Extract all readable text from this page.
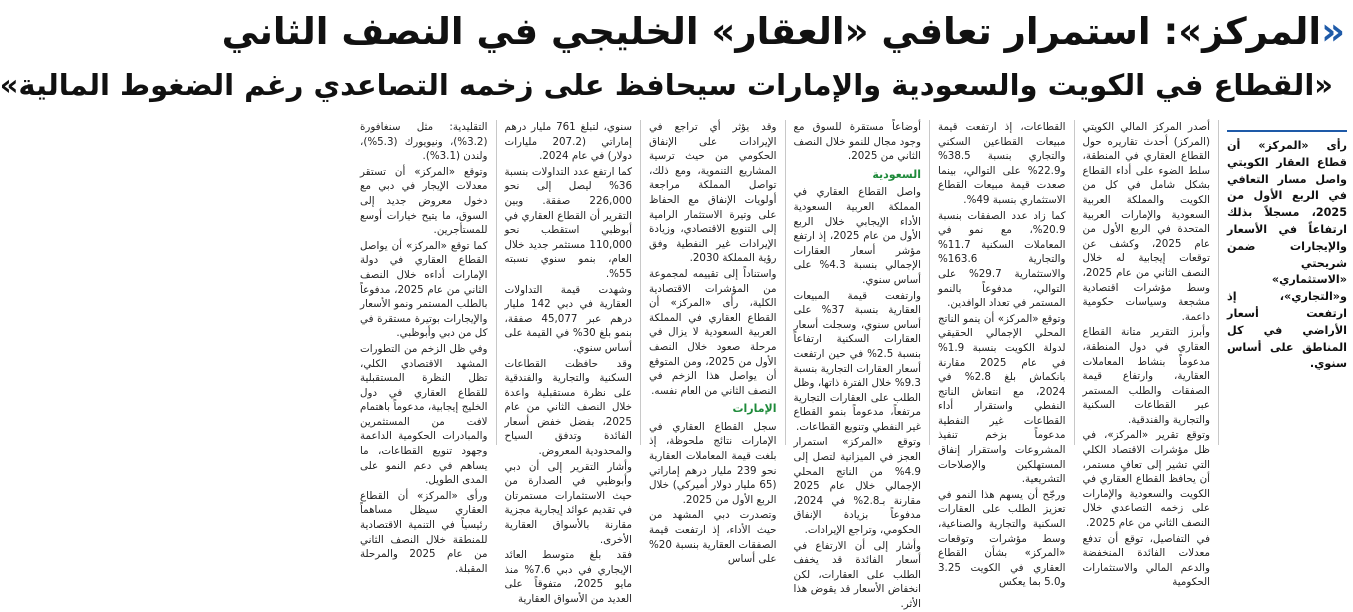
«المركز»: استمرار تعافي «العقار» الخليجي في النصف الثاني
«القطاع في الكويت والسعودية والإمارات سيحافظ على زخمه التصاعدي رغم الضغوط المالية»
رأى «المركز» أن قطاع العقار الكويتي واصل مسار التعافي في الربع الأول من 2025، مسجلاً بذلك ارتفاعاً في الأسعار والإيجارات ضمن شريحتي «الاستثماري» و«التجاري»، إذ ارتفعت أسعار الأراضي في كل المناطق على أساس سنوي.

أصدر المركز المالي الكويتي (المركز) أحدث تقاريره حول القطاع العقاري في المنطقة، سلط الضوء على أداء القطاع بشكل شامل في كل من الكويت والمملكة العربية السعودية والإمارات العربية المتحدة في الربع الأول من عام 2025، وكشف عن توقعات إيجابية له خلال النصف الثاني من عام 2025، وسط مؤشرات اقتصادية مشجعة وسياسات حكومية داعمة.

وأبرز التقرير متانة القطاع العقاري في دول المنطقة، مدعوماً بنشاط المعاملات العقارية، وارتفاع قيمة الصفقات والطلب المستمر عبر القطاعات السكنية والتجارية والفندقية.

وتوقع تقرير «المركز»، في ظل مؤشرات الاقتصاد الكلي التي تشير إلى تعافٍ مستمر، أن يحافظ القطاع العقاري في الكويت والسعودية والإمارات على زخمه التصاعدي خلال النصف الثاني من عام 2025.

في التفاصيل، توقع أن تدفع معدلات الفائدة المنخفضة والدعم المالي والاستثمارات الحكومية

القطاعات، إذ ارتفعت قيمة مبيعات القطاعين السكني والتجاري بنسبة 38.5% و22.9% على التوالي، بينما صعدت قيمة مبيعات القطاع الاستثماري بنسبة 49%.

كما زاد عدد الصفقات بنسبة 20.9%، مع نمو في المعاملات السكنية 11.7% والتجارية 163.6% والاستثمارية 29.7% على التوالي، مدفوعاً بالنمو المستمر في تعداد الوافدين.

وتوقع «المركز» أن ينمو الناتج المحلي الإجمالي الحقيقي لدولة الكويت بنسبة 1.9% في عام 2025 مقارنة بانكماش بلغ 2.8% في 2024، مع انتعاش الناتج النفطي واستقرار أداء القطاعات غير النفطية مدعوماً بزخم تنفيذ المشروعات واستقرار إنفاق المستهلكين والإصلاحات التشريعية.

ورجّح أن يسهم هذا النمو في تعزيز الطلب على العقارات السكنية والتجارية والصناعية، وسط مؤشرات وتوقعات «المركز» بشأن القطاع العقاري في الكويت 3.25 و5.0 بما يعكس

أوضاعاً مستقرة للسوق مع وجود مجال للنمو خلال النصف الثاني من 2025.

السعودية

واصل القطاع العقاري في المملكة العربية السعودية الأداء الإيجابي خلال الربع الأول من عام 2025، إذ ارتفع مؤشر أسعار العقارات الإجمالي بنسبة 4.3% على أساس سنوي.

وارتفعت قيمة المبيعات العقارية بنسبة 37% على أساس سنوي، وسجلت أسعار العقارات السكنية ارتفاعاً بنسبة 2.5% في حين ارتفعت أسعار العقارات التجارية بنسبة 9.3% خلال الفترة ذاتها، وظل الطلب على العقارات التجارية مرتفعاً، مدعوماً بنمو القطاع غير النفطي وتنويع القطاعات.

وتوقع «المركز» استمرار العجز في الميزانية لتصل إلى 4.9% من الناتج المحلي الإجمالي خلال عام 2025 مقارنة بـ2.8% في 2024، مدفوعاً بزيادة الإنفاق الحكومي، وتراجع الإيرادات.

وأشار إلى أن الارتفاع في أسعار الفائدة قد يخفف الطلب على العقارات، لكن انخفاض الأسعار قد يقوض هذا الأثر.

وقد يؤثر أي تراجع في الإيرادات على الإنفاق الحكومي من حيث ترسية المشاريع التنموية، ومع ذلك، تواصل المملكة مراجعة أولويات الإنفاق مع الحفاظ على وتيرة الاستثمار الرامية إلى التنويع الاقتصادي، وزيادة الإيرادات غير النفطية وفق رؤية المملكة 2030.

واستناداً إلى تقييمه لمجموعة من المؤشرات الاقتصادية الكلية، رأى «المركز» أن القطاع العقاري في المملكة العربية السعودية لا يزال في مرحلة صعود خلال النصف الأول من 2025، ومن المتوقع أن يواصل هذا الزخم في النصف الثاني من العام نفسه.

الإمارات

سجل القطاع العقاري في الإمارات نتائج ملحوظة، إذ بلغت قيمة المعاملات العقارية نحو 239 مليار درهم إماراتي (65 مليار دولار أميركي) خلال الربع الأول من 2025.

وتصدرت دبي المشهد من حيث الأداء، إذ ارتفعت قيمة الصفقات العقارية بنسبة 20% على أساس

سنوي، لتبلغ 761 مليار درهم إماراتي (207.2 مليارات دولار) في عام 2024.

كما ارتفع عدد التداولات بنسبة 36% ليصل إلى نحو 226,000 صفقة. وبين التقرير أن القطاع العقاري في أبوظبي استقطب نحو 110,000 مستثمر جديد خلال العام، بنمو سنوي نسبته 55%.

وشهدت قيمة التداولات العقارية في دبي 142 مليار درهم عبر 45,077 صفقة، بنمو بلغ 30% في القيمة على أساس سنوي.

وقد حافظت القطاعات السكنية والتجارية والفندقية على نظرة مستقبلية واعدة خلال النصف الثاني من عام 2025، بفضل خفض أسعار الفائدة وتدفق السياح والمحدودية المعروض.

وأشار التقرير إلى أن دبي وأبوظبي في الصدارة من حيث الاستثمارات مستمرتان في تقديم عوائد إيجارية مجزية مقارنة بالأسواق العقارية الأخرى.

فقد بلغ متوسط العائد الإيجاري في دبي 7.6% منذ مايو 2025، متفوقاً على العديد من الأسواق العقارية

التقليدية: مثل سنغافورة (3.2%)، ونيويورك (5.3%)، ولندن (3.1%).

وتوقع «المركز» أن تستقر معدلات الإيجار في دبي مع دخول معروض جديد إلى السوق، ما يتيح خيارات أوسع للمستأجرين.

كما توقع «المركز» أن يواصل القطاع العقاري في دولة الإمارات أداءه خلال النصف الثاني من عام 2025، مدفوعاً بالطلب المستمر ونمو الأسعار والإيجارات بوتيرة مستقرة في كل من دبي وأبوظبي.

وفي ظل الزخم من التطورات المشهد الاقتصادي الكلي، تظل النظرة المستقبلية للقطاع العقاري في دول الخليج إيجابية، مدعوماً باهتمام لافت من المستثمرين والمبادرات الحكومية الداعمة وجهود تنويع القطاعات، ما يساهم في دعم النمو على المدى الطويل.

ورأى «المركز» أن القطاع العقاري سيظل مساهماً رئيسياً في التنمية الاقتصادية للمنطقة خلال النصف الثاني من عام 2025 والمرحلة المقبلة.
